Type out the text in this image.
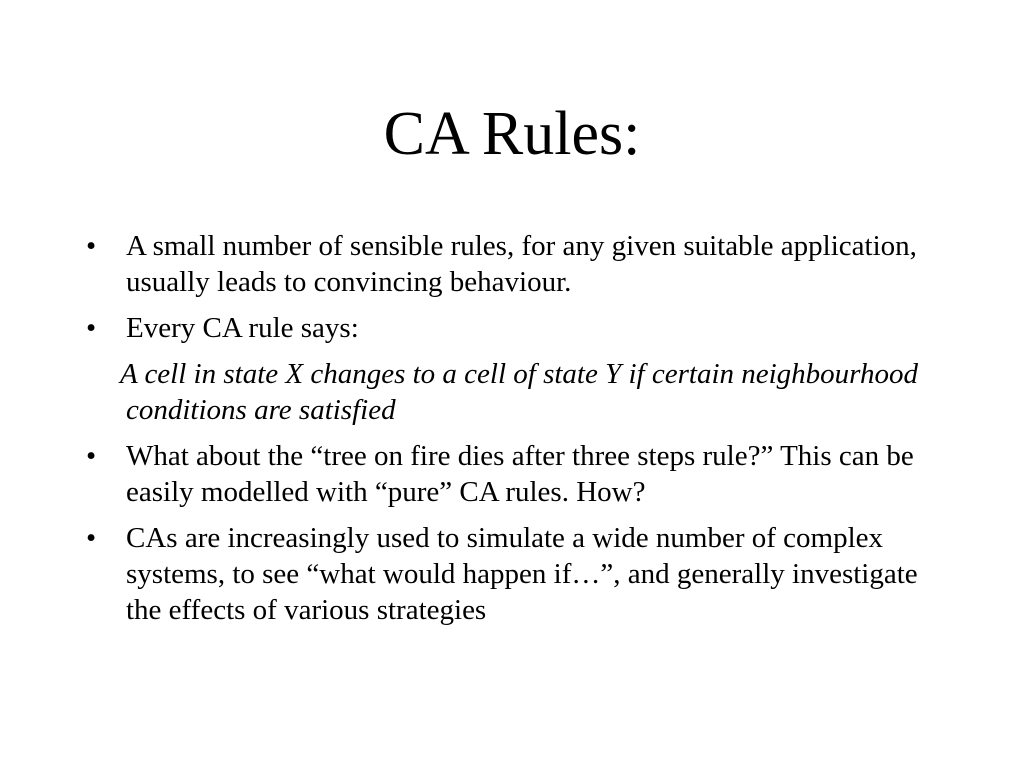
CA Rules:
•	A small number of sensible rules, for any given suitable application, usually leads to convincing behaviour.
•	Every CA rule says:
A cell in state X changes to a cell of state Y if certain neighbourhood conditions are satisfied
•	What about the “tree on fire dies after three steps rule?” This can be easily modelled with “pure” CA rules. How?
•	CAs are increasingly used to simulate a wide number of complex systems, to see “what would happen if…”, and generally investigate the effects of various strategies
